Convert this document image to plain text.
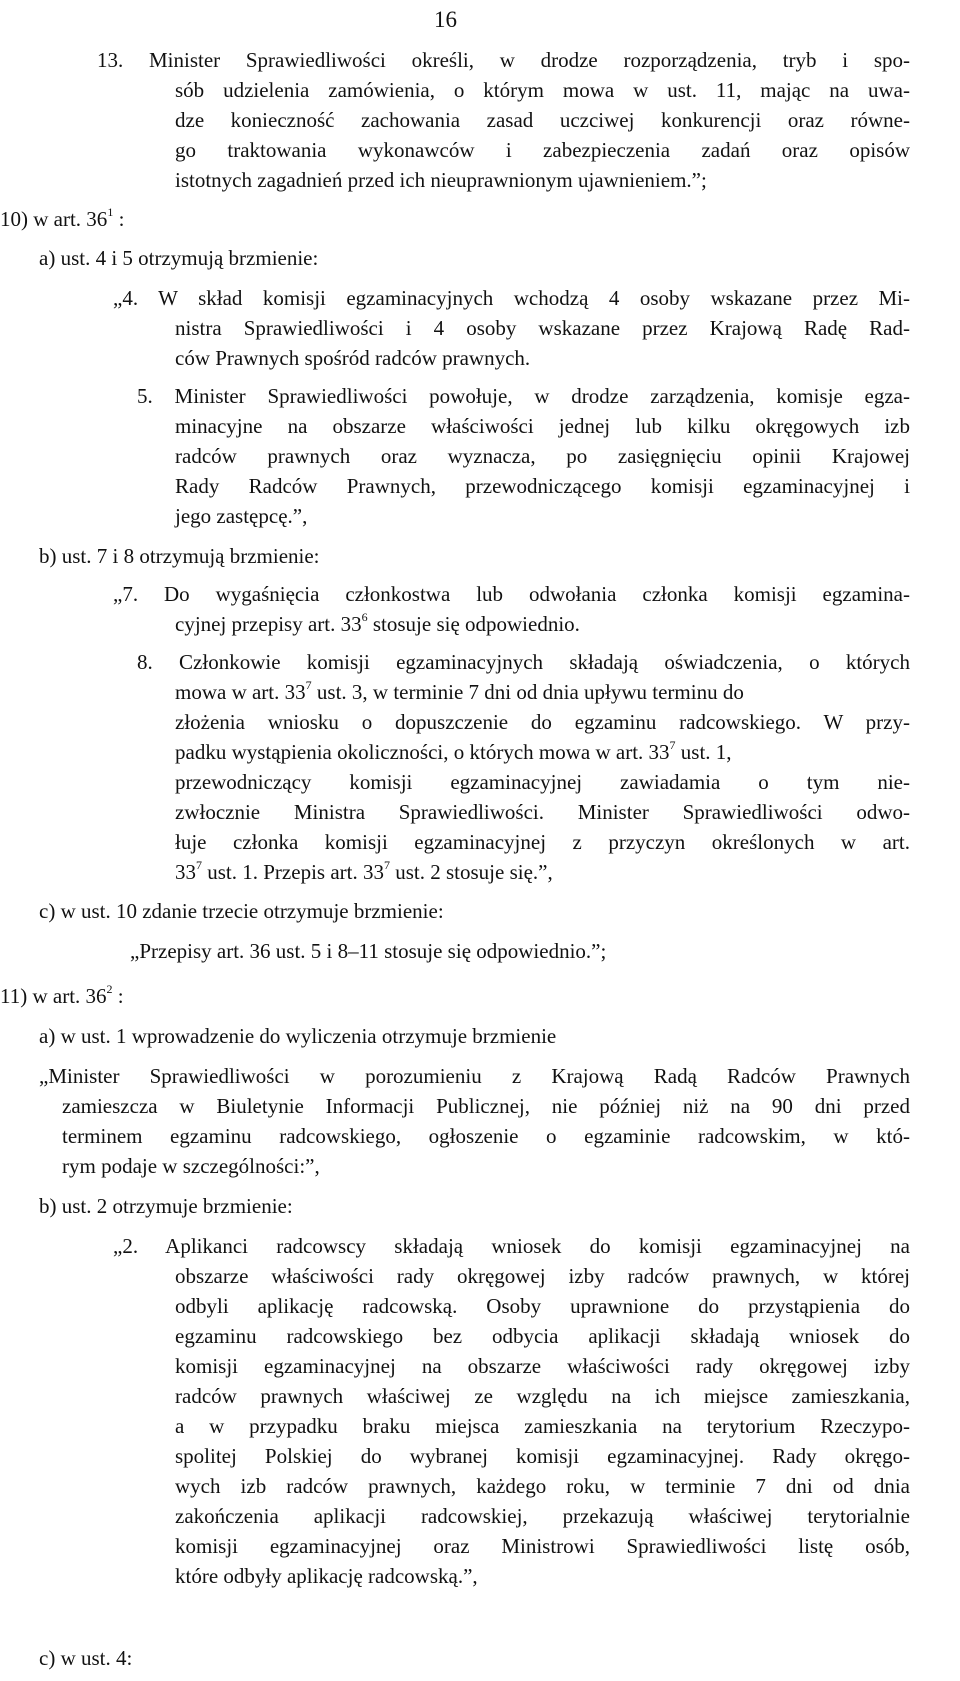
16
13. Minister Sprawiedliwości określi, w drodze rozporządzenia, tryb i spo-
sób udzielenia zamówienia, o którym mowa w ust. 11, mając na uwa-
dze konieczność zachowania zasad uczciwej konkurencji oraz równe-
go traktowania wykonawców i zabezpieczenia zadań oraz opisów
istotnych zagadnień przed ich nieuprawnionym ujawnieniem.”;
10) w art. $36^1$ :
a) ust. 4 i 5 otrzymują brzmienie:
„4. W skład komisji egzaminacyjnych wchodzą 4 osoby wskazane przez Mi-
nistra Sprawiedliwości i 4 osoby wskazane przez Krajową Radę Rad-
ców Prawnych spośród radców prawnych.
5. Minister Sprawiedliwości powołuje, w drodze zarządzenia, komisje egza-
minacyjne na obszarze właściwości jednej lub kilku okręgowych izb
radców prawnych oraz wyznacza, po zasięgnięciu opinii Krajowej
Rady Radców Prawnych, przewodniczącego komisji egzaminacyjnej i
jego zastępcę.”,
b) ust. 7 i 8 otrzymują brzmienie:
„7. Do wygaśnięcia członkostwa lub odwołania członka komisji egzamina-
cyjnej przepisy art. $33^6$ stosuje się odpowiednio.
8. Członkowie komisji egzaminacyjnych składają oświadczenia, o których
mowa w art. $33^7$ ust. 3, w terminie 7 dni od dnia upływu terminu do
złożenia wniosku o dopuszczenie do egzaminu radcowskiego. W przy-
padku wystąpienia okoliczności, o których mowa w art. $33^7$ ust. 1,
przewodniczący komisji egzaminacyjnej zawiadamia o tym nie-
zwłocznie Ministra Sprawiedliwości. Minister Sprawiedliwości odwo-
łuje członka komisji egzaminacyjnej z przyczyn określonych w art.
$33^7$ ust. 1. Przepis art. $33^7$ ust. 2 stosuje się.”,
c) w ust. 10 zdanie trzecie otrzymuje brzmienie:
„Przepisy art. 36 ust. 5 i 8–11 stosuje się odpowiednio.”;
11) w art. $36^2$ :
a) w ust. 1 wprowadzenie do wyliczenia otrzymuje brzmienie
„Minister Sprawiedliwości w porozumieniu z Krajową Radą Radców Prawnych
zamieszcza w Biuletynie Informacji Publicznej, nie później niż na 90 dni przed
terminem egzaminu radcowskiego, ogłoszenie o egzaminie radcowskim, w któ-
rym podaje w szczególności:”,
b) ust. 2 otrzymuje brzmienie:
„2. Aplikanci radcowscy składają wniosek do komisji egzaminacyjnej na
obszarze właściwości rady okręgowej izby radców prawnych, w której
odbyli aplikację radcowską. Osoby uprawnione do przystąpienia do
egzaminu radcowskiego bez odbycia aplikacji składają wniosek do
komisji egzaminacyjnej na obszarze właściwości rady okręgowej izby
radców prawnych właściwej ze względu na ich miejsce zamieszkania,
a w przypadku braku miejsca zamieszkania na terytorium Rzeczypo-
spolitej Polskiej do wybranej komisji egzaminacyjnej. Rady okręgo-
wych izb radców prawnych, każdego roku, w terminie 7 dni od dnia
zakończenia aplikacji radcowskiej, przekazują właściwej terytorialnie
komisji egzaminacyjnej oraz Ministrowi Sprawiedliwości listę osób,
które odbyły aplikację radcowską.”,
c) w ust. 4:
